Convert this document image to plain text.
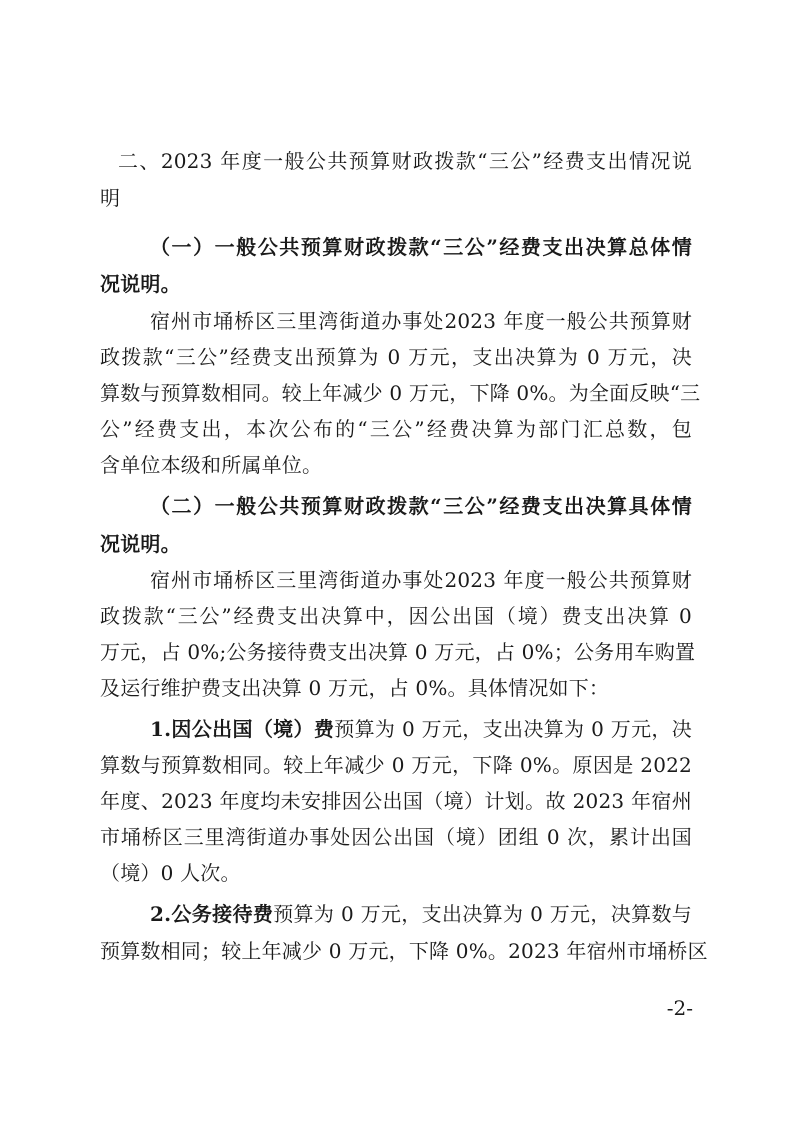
二、2023 年度一般公共预算财政拨款“三公”经费支出情况说

明

（一）一般公共预算财政拨款“三公”经费支出决算总体情

况说明。

宿州市埇桥区三里湾街道办事处2023 年度一般公共预算财

政拨款“三公”经费支出预算为 0 万元，支出决算为 0 万元，决

算数与预算数相同。较上年减少 0 万元，下降 0%。为全面反映“三

公”经费支出，本次公布的“三公”经费决算为部门汇总数，包

含单位本级和所属单位。

（二）一般公共预算财政拨款“三公”经费支出决算具体情

况说明。

宿州市埇桥区三里湾街道办事处2023 年度一般公共预算财

政拨款“三公”经费支出决算中，因公出国（境）费支出决算 0

万元，占 0%;公务接待费支出决算 0 万元，占 0%；公务用车购置

及运行维护费支出决算 0 万元，占 0%。具体情况如下：

1.因公出国（境）费预算为 0 万元，支出决算为 0 万元，决

算数与预算数相同。较上年减少 0 万元，下降 0%。原因是 2022

年度、2023 年度均未安排因公出国（境）计划。故 2023 年宿州

市埇桥区三里湾街道办事处因公出国（境）团组 0 次，累计出国

（境）0 人次。

2.公务接待费预算为 0 万元，支出决算为 0 万元，决算数与

预算数相同；较上年减少 0 万元，下降 0%。2023 年宿州市埇桥区

-2-
